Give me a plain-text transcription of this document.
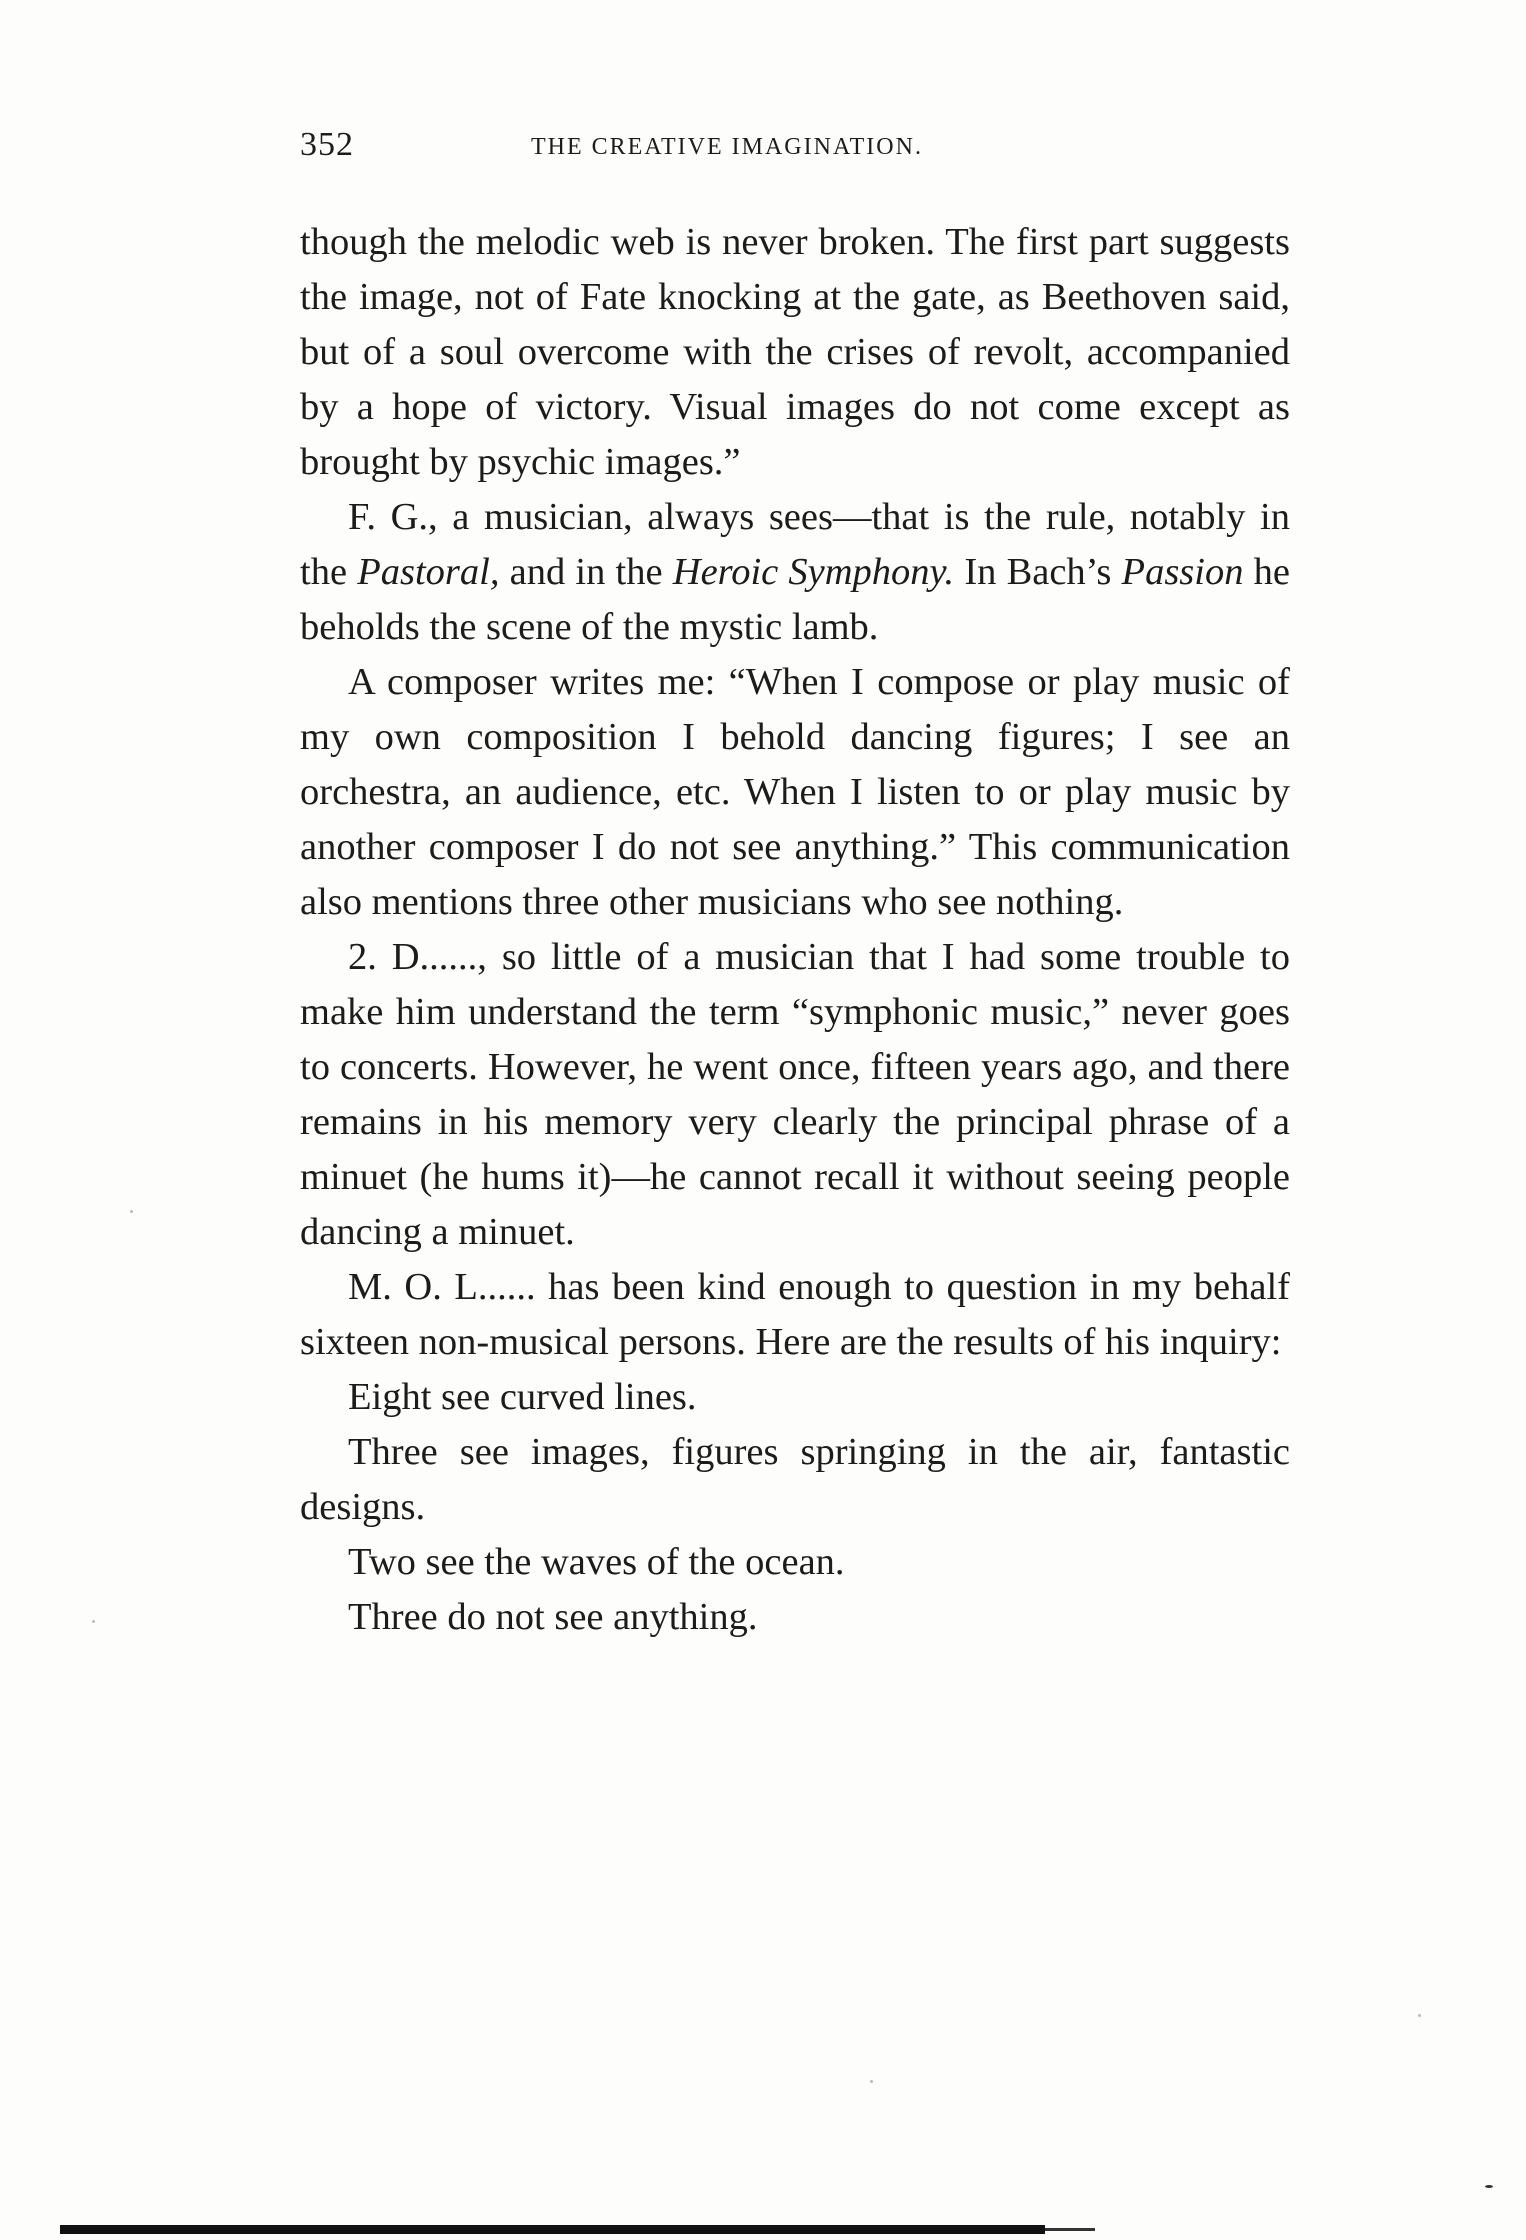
352	THE CREATIVE IMAGINATION.

though the melodic web is never broken. The first part suggests the image, not of Fate knocking at the gate, as Beethoven said, but of a soul overcome with the crises of revolt, accompanied by a hope of victory. Visual images do not come except as brought by psychic images.”

F. G., a musician, always sees—that is the rule, notably in the Pastoral, and in the Heroic Symphony. In Bach’s Passion he beholds the scene of the mystic lamb.

A composer writes me: “When I compose or play music of my own composition I behold dancing figures; I see an orchestra, an audience, etc. When I listen to or play music by another composer I do not see anything.” This communication also mentions three other musicians who see nothing.

2. D......, so little of a musician that I had some trouble to make him understand the term “symphonic music,” never goes to concerts. However, he went once, fifteen years ago, and there remains in his memory very clearly the principal phrase of a minuet (he hums it)—he cannot recall it without seeing people dancing a minuet.

M. O. L...... has been kind enough to question in my behalf sixteen non-musical persons. Here are the results of his inquiry:

Eight see curved lines.

Three see images, figures springing in the air, fantastic designs.

Two see the waves of the ocean.

Three do not see anything.
